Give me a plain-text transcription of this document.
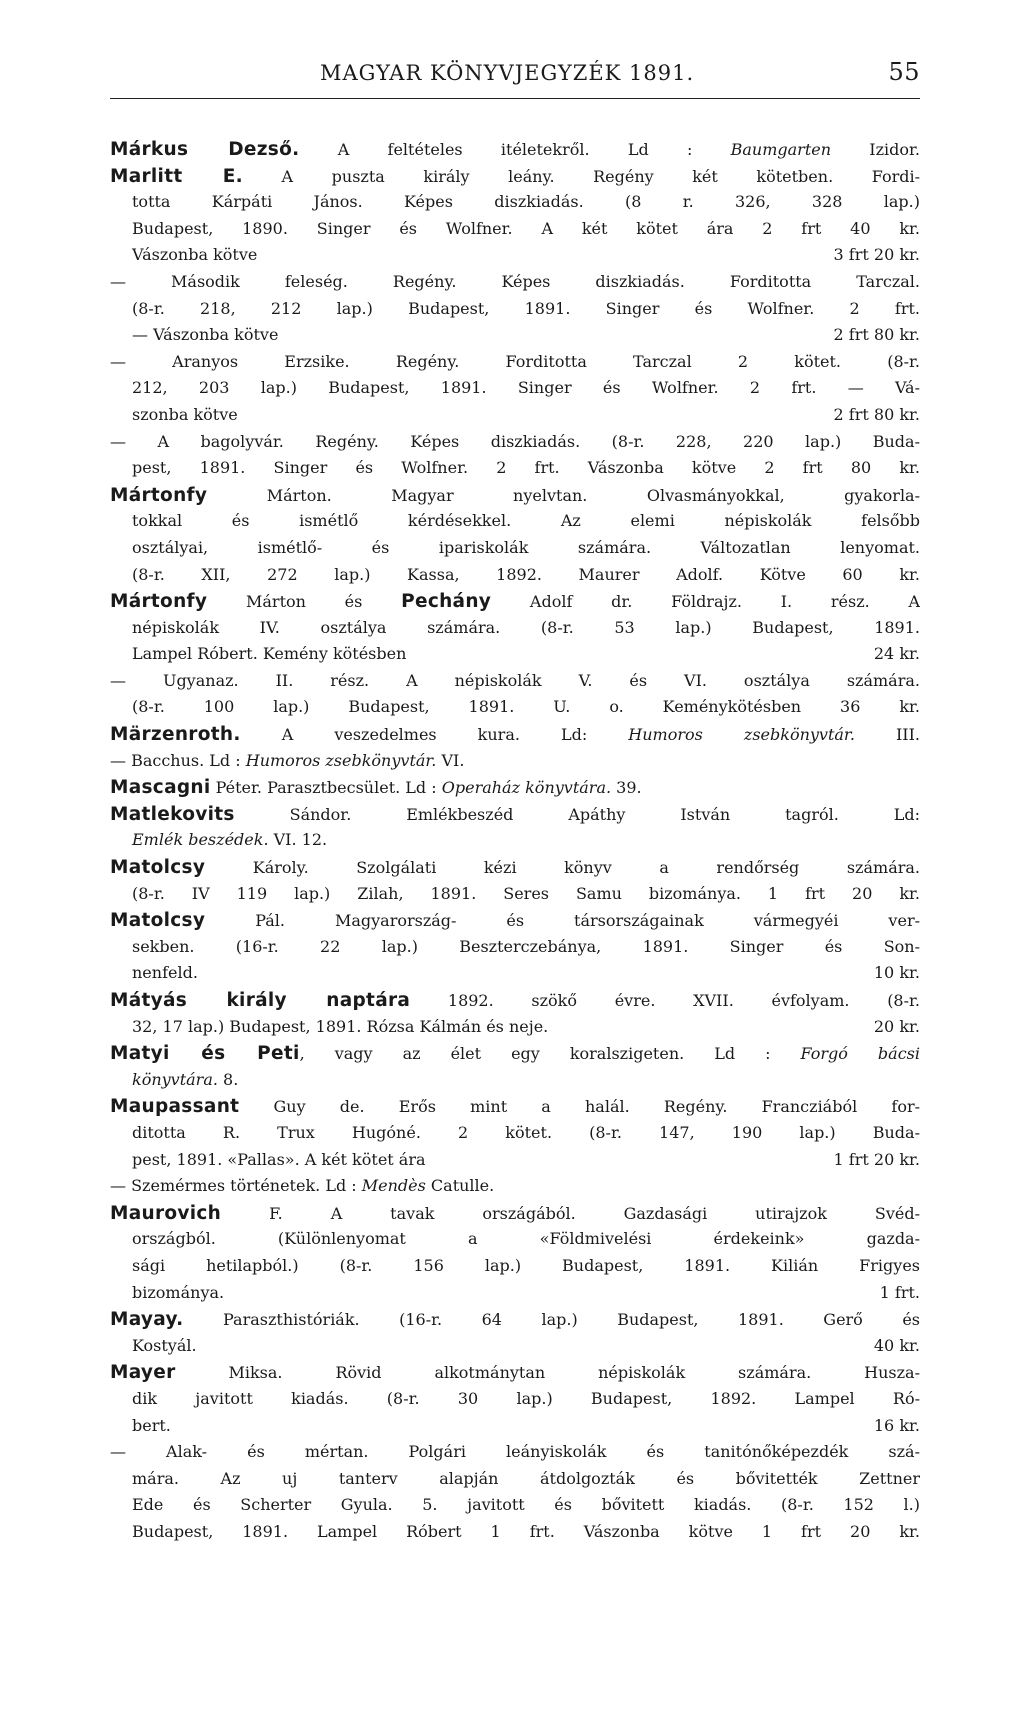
MAGYAR KÖNYVJEGYZÉK 1891.	55
Márkus Dezső. A feltételes itéletekről. Ld : Baumgarten Izidor.
Marlitt E. A puszta király leány. Regény két kötetben. Fordi-
totta Kárpáti János. Képes diszkiadás. (8 r. 326, 328 lap.)
Budapest, 1890. Singer és Wolfner. A két kötet ára 2 frt 40 kr.
Vászonba kötve	3 frt 20 kr.
— Második feleség. Regény. Képes diszkiadás. Forditotta Tarczal.
(8-r. 218, 212 lap.) Budapest, 1891. Singer és Wolfner. 2 frt.
— Vászonba kötve	2 frt 80 kr.
— Aranyos Erzsike. Regény. Forditotta Tarczal 2 kötet. (8-r.
212, 203 lap.) Budapest, 1891. Singer és Wolfner. 2 frt. — Vá-
szonba kötve	2 frt 80 kr.
— A bagolyvár. Regény. Képes diszkiadás. (8-r. 228, 220 lap.) Buda-
pest, 1891. Singer és Wolfner. 2 frt. Vászonba kötve 2 frt 80 kr.
Mártonfy Márton. Magyar nyelvtan. Olvasmányokkal, gyakorla-
tokkal és ismétlő kérdésekkel. Az elemi népiskolák felsőbb
osztályai, ismétlő- és ipariskolák számára. Változatlan lenyomat.
(8-r. XII, 272 lap.) Kassa, 1892. Maurer Adolf. Kötve 60 kr.
Mártonfy Márton és Pechány Adolf dr. Földrajz. I. rész. A
népiskolák IV. osztálya számára. (8-r. 53 lap.) Budapest, 1891.
Lampel Róbert. Kemény kötésben	24 kr.
— Ugyanaz. II. rész. A népiskolák V. és VI. osztálya számára.
(8-r. 100 lap.) Budapest, 1891. U. o. Keménykötésben 36 kr.
Märzenroth. A veszedelmes kura. Ld: Humoros zsebkönyvtár. III.
— Bacchus. Ld : Humoros zsebkönyvtár. VI.
Mascagni Péter. Parasztbecsület. Ld : Operaház könyvtára. 39.
Matlekovits Sándor. Emlékbeszéd Apáthy István tagról. Ld:
Emlék beszédek. VI. 12.
Matolcsy Károly. Szolgálati kézi könyv a rendőrség számára.
(8-r. IV 119 lap.) Zilah, 1891. Seres Samu bizománya. 1 frt 20 kr.
Matolcsy Pál. Magyarország- és társországainak vármegyéi ver-
sekben. (16-r. 22 lap.) Beszterczebánya, 1891. Singer és Son-
nenfeld.	10 kr.
Mátyás király naptára 1892. szökő évre. XVII. évfolyam. (8-r.
32, 17 lap.) Budapest, 1891. Rózsa Kálmán és neje.	20 kr.
Matyi és Peti, vagy az élet egy koralszigeten. Ld : Forgó bácsi
könyvtára. 8.
Maupassant Guy de. Erős mint a halál. Regény. Francziából for-
ditotta R. Trux Hugóné. 2 kötet. (8-r. 147, 190 lap.) Buda-
pest, 1891. «Pallas». A két kötet ára	1 frt 20 kr.
— Szemérmes történetek. Ld : Mendès Catulle.
Maurovich F. A tavak országából. Gazdasági utirajzok Svéd-
országból. (Különlenyomat a «Földmivelési érdekeink» gazda-
sági hetilapból.) (8-r. 156 lap.) Budapest, 1891. Kilián Frigyes
bizománya.	1 frt.
Mayay. Paraszthistóriák. (16-r. 64 lap.) Budapest, 1891. Gerő és
Kostyál.	40 kr.
Mayer Miksa. Rövid alkotmánytan népiskolák számára. Husza-
dik javitott kiadás. (8-r. 30 lap.) Budapest, 1892. Lampel Ró-
bert.	16 kr.
— Alak- és mértan. Polgári leányiskolák és tanitónőképezdék szá-
mára. Az uj tanterv alapján átdolgozták és bővitették Zettner
Ede és Scherter Gyula. 5. javitott és bővitett kiadás. (8-r. 152 l.)
Budapest, 1891. Lampel Róbert 1 frt. Vászonba kötve 1 frt 20 kr.
